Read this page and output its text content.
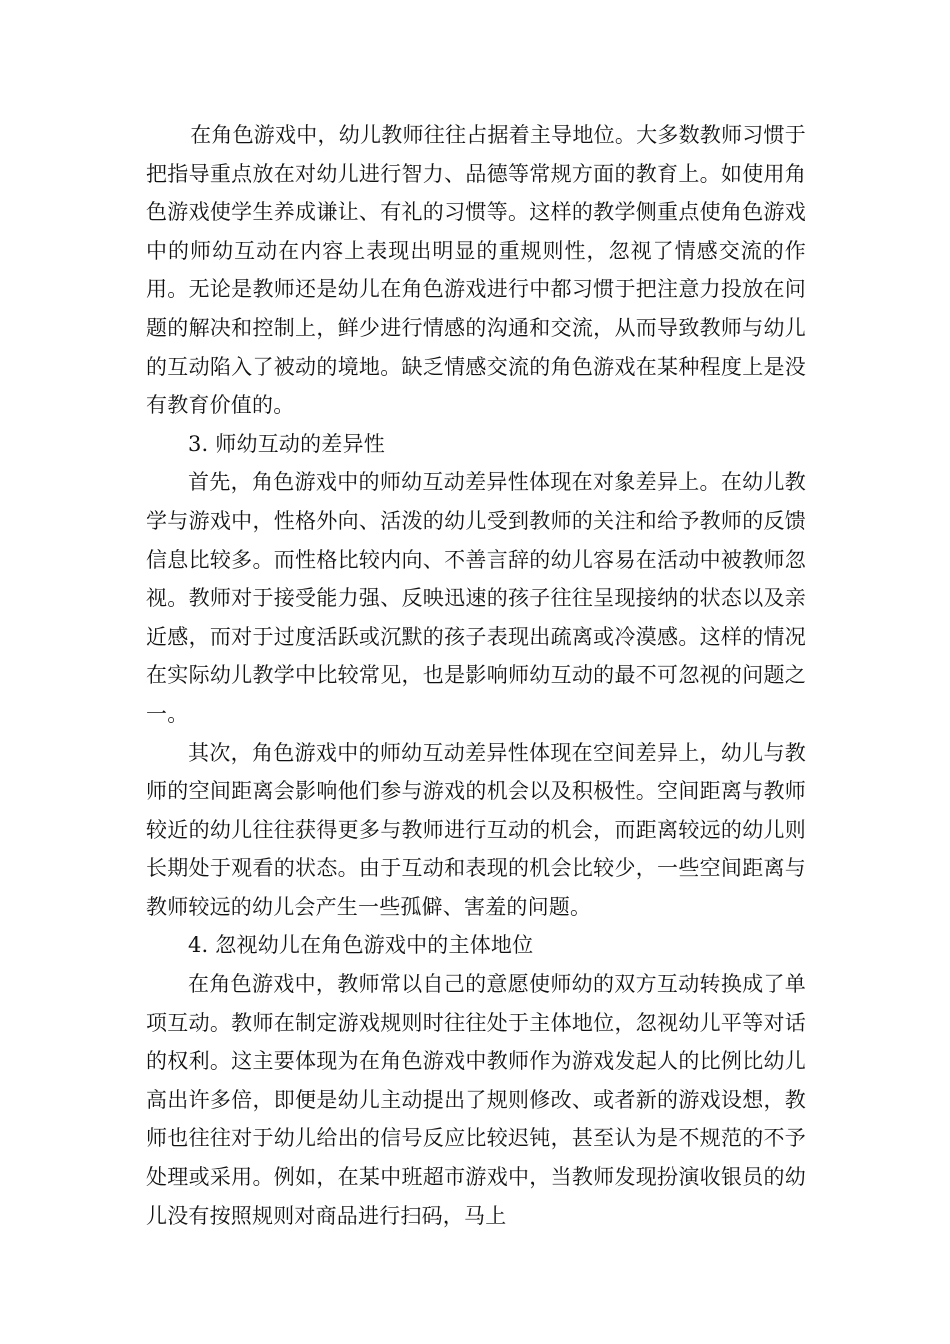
在角色游戏中，幼儿教师往往占据着主导地位。大多数教师习惯于把指导重点放在对幼儿进行智力、品德等常规方面的教育上。如使用角色游戏使学生养成谦让、有礼的习惯等。这样的教学侧重点使角色游戏中的师幼互动在内容上表现出明显的重规则性，忽视了情感交流的作用。无论是教师还是幼儿在角色游戏进行中都习惯于把注意力投放在问题的解决和控制上，鲜少进行情感的沟通和交流，从而导致教师与幼儿的互动陷入了被动的境地。缺乏情感交流的角色游戏在某种程度上是没有教育价值的。

3. 师幼互动的差异性

首先，角色游戏中的师幼互动差异性体现在对象差异上。在幼儿教学与游戏中，性格外向、活泼的幼儿受到教师的关注和给予教师的反馈信息比较多。而性格比较内向、不善言辞的幼儿容易在活动中被教师忽视。教师对于接受能力强、反映迅速的孩子往往呈现接纳的状态以及亲近感，而对于过度活跃或沉默的孩子表现出疏离或冷漠感。这样的情况在实际幼儿教学中比较常见，也是影响师幼互动的最不可忽视的问题之一。

其次，角色游戏中的师幼互动差异性体现在空间差异上，幼儿与教师的空间距离会影响他们参与游戏的机会以及积极性。空间距离与教师较近的幼儿往往获得更多与教师进行互动的机会，而距离较远的幼儿则长期处于观看的状态。由于互动和表现的机会比较少，一些空间距离与教师较远的幼儿会产生一些孤僻、害羞的问题。

4. 忽视幼儿在角色游戏中的主体地位

在角色游戏中，教师常以自己的意愿使师幼的双方互动转换成了单项互动。教师在制定游戏规则时往往处于主体地位，忽视幼儿平等对话的权利。这主要体现为在角色游戏中教师作为游戏发起人的比例比幼儿高出许多倍，即便是幼儿主动提出了规则修改、或者新的游戏设想，教师也往往对于幼儿给出的信号反应比较迟钝，甚至认为是不规范的不予处理或采用。例如，在某中班超市游戏中，当教师发现扮演收银员的幼儿没有按照规则对商品进行扫码，马上
